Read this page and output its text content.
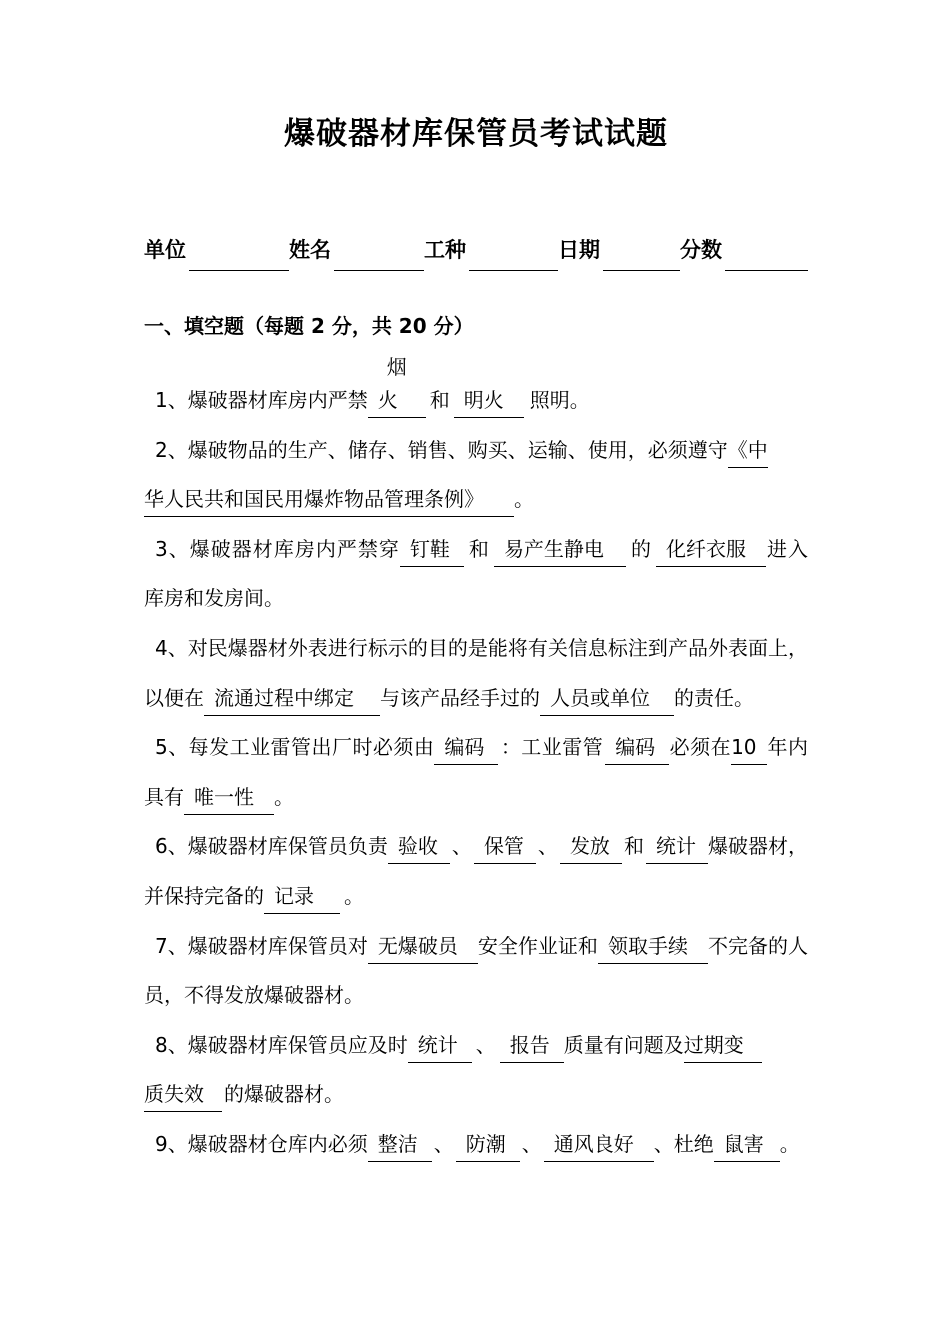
爆破器材库保管员考试试题
单位	姓名	工种	日期	分数
一、填空题（每题 2 分，共 20 分）

1、爆破器材库房内严禁烟火 和 明火 照明。

2、爆破物品的生产、储存、销售、购买、运输、使用，必须遵守《中
华人民共和国民用爆炸物品管理条例》 。

3、爆破器材库房内严禁穿 钉鞋 和 易产生静电 的 化纤衣服 进入库房和发房间。

4、对民爆器材外表进行标示的目的是能将有关信息标注到产品外表面上，以便在 流通过程中绑定 与该产品经手过的 人员或单位 的责任。

5、每发工业雷管出厂时必须由 编码 ：工业雷管 编码 必须在10 年内具有 唯一性 。

6、爆破器材库保管员负责 验收 、 保管 、 发放 和 统计 爆破器材，并保持完备的 记录 。

7、爆破器材库保管员对 无爆破员 安全作业证和 领取手续 不完备的人员，不得发放爆破器材。

8、爆破器材库保管员应及时 统计 、 报告 质量有问题及过期变
质失效 的爆破器材。

9、爆破器材仓库内必须 整洁 、 防潮 、 通风良好 、杜绝 鼠害 。
